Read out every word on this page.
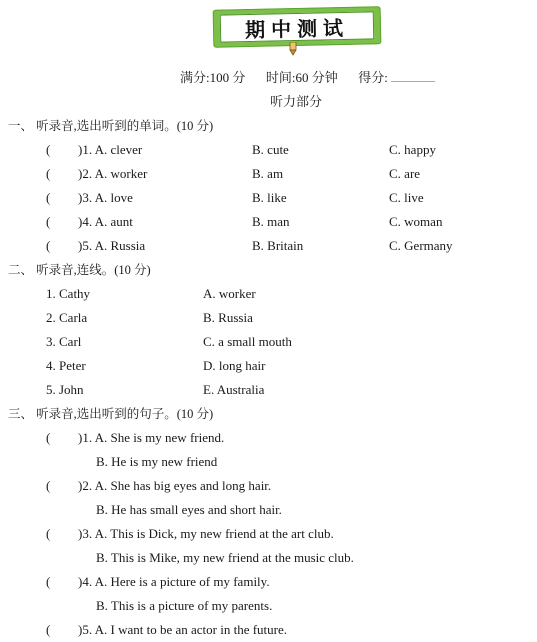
期中测试
满分:100 分 时间:60 分钟 得分:
听力部分
一、 听录音,选出听到的单词。(10 分)
( )1. A. clever	B. cute	C. happy
( )2. A. worker	B. am	C. are
( )3. A. love	B. like	C. live
( )4. A. aunt	B. man	C. woman
( )5. A. Russia	B. Britain	C. Germany
二、 听录音,连线。(10 分)
1. Cathy	A. worker
2. Carla	B. Russia
3. Carl	C. a small mouth
4. Peter	D. long hair
5. John	E. Australia
三、 听录音,选出听到的句子。(10 分)
( )1. A. She is my new friend.
B. He is my new friend
( )2. A. She has big eyes and long hair.
B. He has small eyes and short hair.
( )3. A. This is Dick, my new friend at the art club.
B. This is Mike, my new friend at the music club.
( )4. A. Here is a picture of my family.
B. This is a picture of my parents.
( )5. A. I want to be an actor in the future.
